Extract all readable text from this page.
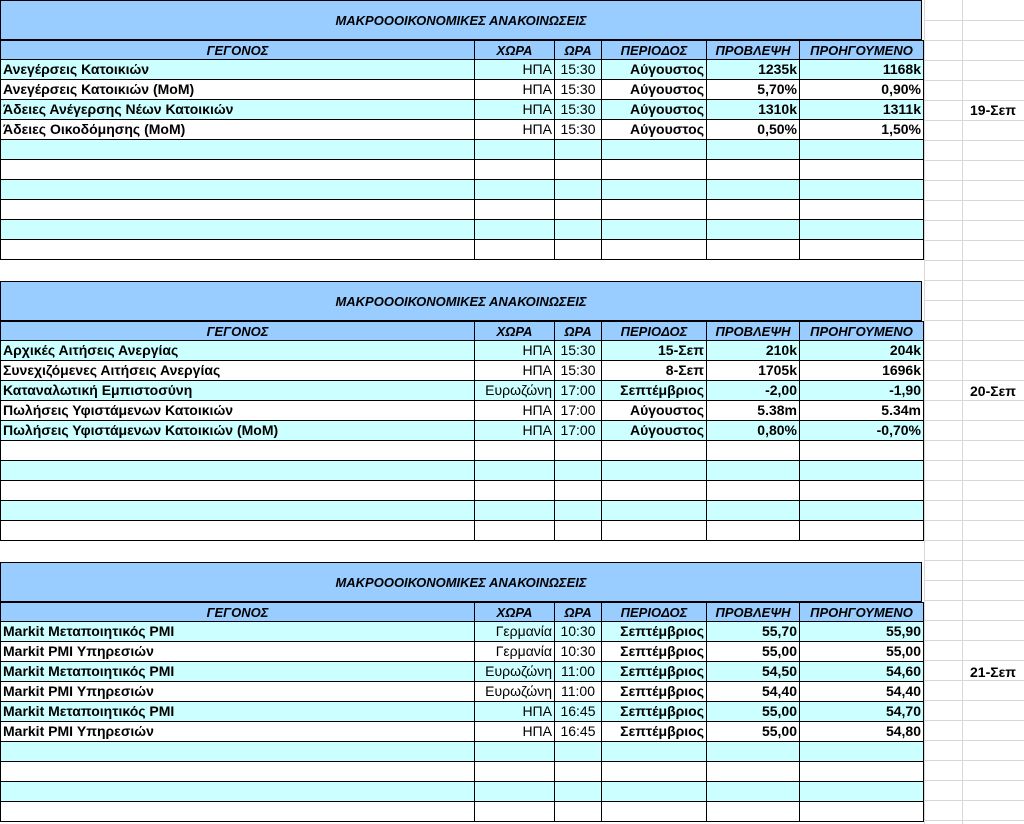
ΜΑΚΡΟΟΟΙΚΟΝΟΜΙΚΕΣ ΑΝΑΚΟΙΝΩΣΕΙΣ
ΓΕΓΟΝΟΣ	ΧΩΡΑ	ΩΡΑ	ΠΕΡΙΟΔΟΣ	ΠΡΟΒΛΕΨΗ	ΠΡΟΗΓΟΥΜΕΝΟ
Ανεγέρσεις Κατοικιών	ΗΠΑ 15:30	Αύγουστος	1235k	1168k
Ανεγέρσεις Κατοικιών (MoM)	ΗΠΑ 15:30	Αύγουστος	5,70%	0,90%
Άδειες Ανέγερσης Νέων Κατοικιών	ΗΠΑ 15:30	Αύγουστος	1310k	1311k
Άδειες Οικοδόμησης (MoM)	ΗΠΑ 15:30	Αύγουστος	0,50%	1,50%
19-Σεπ
ΜΑΚΡΟΟΟΙΚΟΝΟΜΙΚΕΣ ΑΝΑΚΟΙΝΩΣΕΙΣ
ΓΕΓΟΝΟΣ	ΧΩΡΑ	ΩΡΑ	ΠΕΡΙΟΔΟΣ	ΠΡΟΒΛΕΨΗ	ΠΡΟΗΓΟΥΜΕΝΟ
Αρχικές Αιτήσεις Ανεργίας	ΗΠΑ 15:30	15-Σεπ	210k	204k
Συνεχιζόμενες Αιτήσεις Ανεργίας	ΗΠΑ 15:30	8-Σεπ	1705k	1696k
Καταναλωτική Εμπιστοσύνη	Ευρωζώνη 17:00	Σεπτέμβριος	-2,00	-1,90
Πωλήσεις Υφιστάμενων Κατοικιών	ΗΠΑ 17:00	Αύγουστος	5.38m	5.34m
Πωλήσεις Υφιστάμενων Κατοικιών (MoM)	ΗΠΑ 17:00	Αύγουστος	0,80%	-0,70%
20-Σεπ
ΜΑΚΡΟΟΟΙΚΟΝΟΜΙΚΕΣ ΑΝΑΚΟΙΝΩΣΕΙΣ
ΓΕΓΟΝΟΣ	ΧΩΡΑ	ΩΡΑ	ΠΕΡΙΟΔΟΣ	ΠΡΟΒΛΕΨΗ	ΠΡΟΗΓΟΥΜΕΝΟ
Markit Μεταποιητικός PMI	Γερμανία 10:30	Σεπτέμβριος	55,70	55,90
Markit PMI Υπηρεσιών	Γερμανία 10:30	Σεπτέμβριος	55,00	55,00
Markit Μεταποιητικός PMI	Ευρωζώνη 11:00	Σεπτέμβριος	54,50	54,60
Markit PMI Υπηρεσιών	Ευρωζώνη 11:00	Σεπτέμβριος	54,40	54,40
Markit Μεταποιητικός PMI	ΗΠΑ 16:45	Σεπτέμβριος	55,00	54,70
Markit PMI Υπηρεσιών	ΗΠΑ 16:45	Σεπτέμβριος	55,00	54,80
21-Σεπ
